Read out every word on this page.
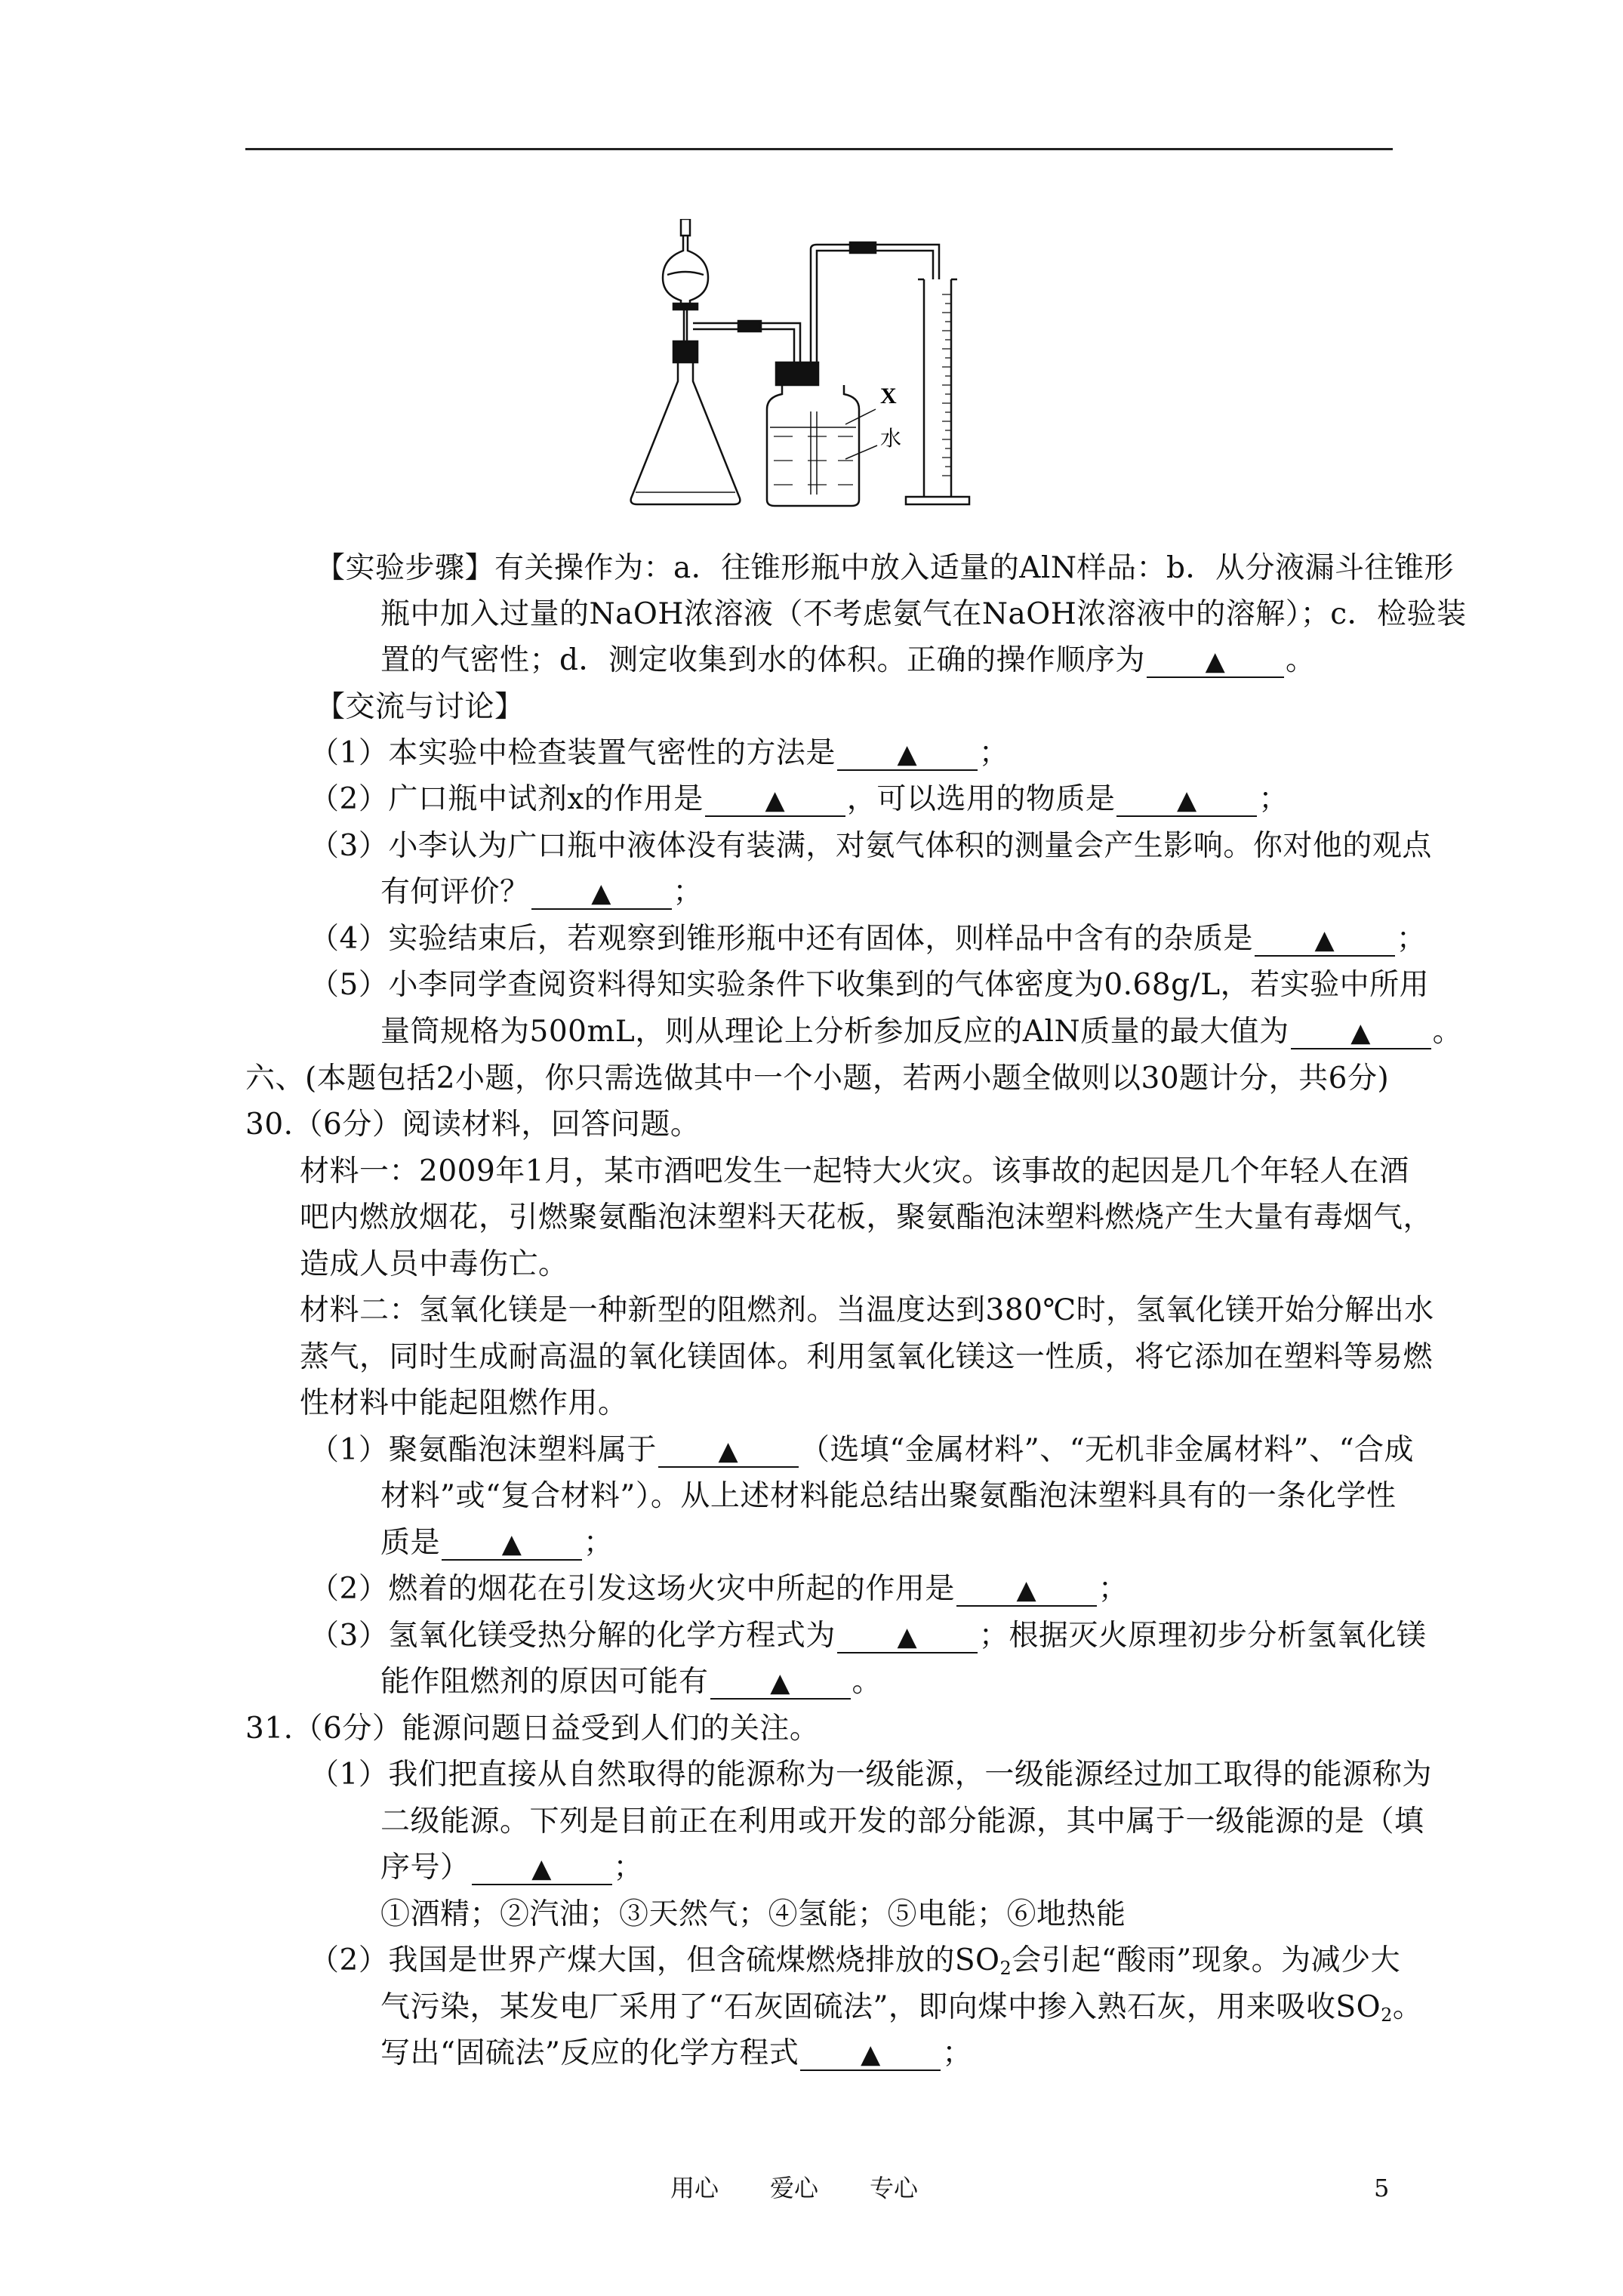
X
水
【实验步骤】有关操作为：a．往锥形瓶中放入适量的AlN样品：b．从分液漏斗往锥形
瓶中加入过量的NaOH浓溶液（不考虑氨气在NaOH浓溶液中的溶解）；c．检验装
置的气密性；d．测定收集到水的体积。正确的操作顺序为 ▲ 。
【交流与讨论】
（1）本实验中检查装置气密性的方法是 ▲ ；
（2）广口瓶中试剂x的作用是 ▲ ，可以选用的物质是 ▲ ；
（3）小李认为广口瓶中液体没有装满，对氨气体积的测量会产生影响。你对他的观点
有何评价？ ▲ ；
（4）实验结束后，若观察到锥形瓶中还有固体，则样品中含有的杂质是 ▲ ；
（5）小李同学查阅资料得知实验条件下收集到的气体密度为0.68g/L，若实验中所用
量筒规格为500mL，则从理论上分析参加反应的AlN质量的最大值为 ▲ 。
六、(本题包括2小题，你只需选做其中一个小题，若两小题全做则以30题计分，共6分)
30.（6分）阅读材料，回答问题。
材料一：2009年1月，某市酒吧发生一起特大火灾。该事故的起因是几个年轻人在酒
吧内燃放烟花，引燃聚氨酯泡沫塑料天花板，聚氨酯泡沫塑料燃烧产生大量有毒烟气，
造成人员中毒伤亡。
材料二：氢氧化镁是一种新型的阻燃剂。当温度达到380℃时，氢氧化镁开始分解出水
蒸气，同时生成耐高温的氧化镁固体。利用氢氧化镁这一性质，将它添加在塑料等易燃
性材料中能起阻燃作用。
（1）聚氨酯泡沫塑料属于 ▲ （选填“金属材料”、“无机非金属材料”、“合成
材料”或“复合材料”）。从上述材料能总结出聚氨酯泡沫塑料具有的一条化学性
质是 ▲ ；
（2）燃着的烟花在引发这场火灾中所起的作用是 ▲ ；
（3）氢氧化镁受热分解的化学方程式为 ▲ ；根据灭火原理初步分析氢氧化镁
能作阻燃剂的原因可能有 ▲ 。
31.（6分）能源问题日益受到人们的关注。
（1）我们把直接从自然取得的能源称为一级能源，一级能源经过加工取得的能源称为
二级能源。下列是目前正在利用或开发的部分能源，其中属于一级能源的是（填
序号） ▲ ；
①酒精；②汽油；③天然气；④氢能；⑤电能；⑥地热能
（2）我国是世界产煤大国，但含硫煤燃烧排放的$SO_2$会引起“酸雨”现象。为减少大
气污染，某发电厂采用了“石灰固硫法”，即向煤中掺入熟石灰，用来吸收$SO_2$。
写出“固硫法”反应的化学方程式 ▲ ；
用心 爱心 专心	5
